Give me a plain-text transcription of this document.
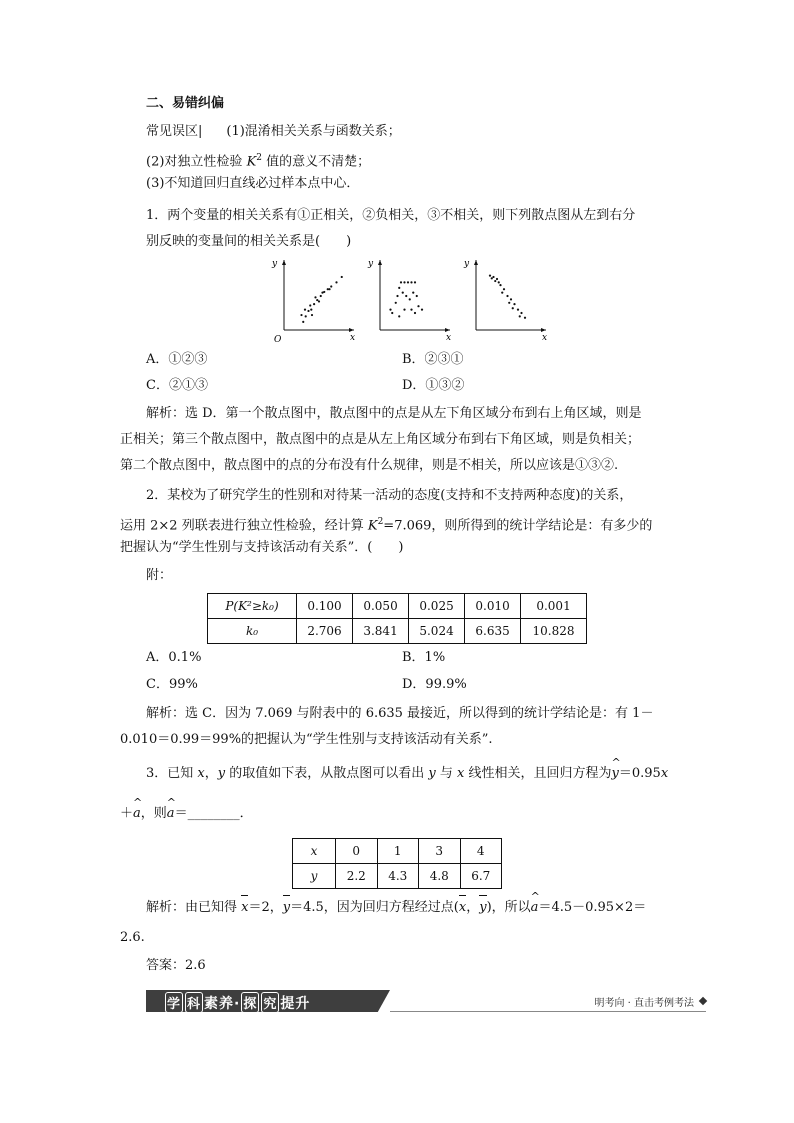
二、易错纠偏
常见误区| (1)混淆相关关系与函数关系；
(2)对独立性检验 $K^2$ 值的意义不清楚；
(3)不知道回归直线必过样本点中心．
1．两个变量的相关关系有①正相关，②负相关，③不相关，则下列散点图从左到右分
别反映的变量间的相关关系是(　　)
y
x
O
y
x
y
x
A．①②③	B．②③①
C．②①③	D．①③②
解析：选 D．第一个散点图中，散点图中的点是从左下角区域分布到右上角区域，则是
正相关；第三个散点图中，散点图中的点是从左上角区域分布到右下角区域，则是负相关；
第二个散点图中，散点图中的点的分布没有什么规律，则是不相关，所以应该是①③②.
2．某校为了研究学生的性别和对待某一活动的态度(支持和不支持两种态度)的关系，
运用 2×2 列联表进行独立性检验，经计算 $K^2=7.069$，则所得到的统计学结论是：有多少的
把握认为“学生性别与支持该活动有关系”．(　　)
附：
P(K²≥k₀)	0.100	0.050	0.025	0.010	0.001
k₀	2.706	3.841	5.024	6.635	10.828
A．0.1%	B．1%
C．99%	D．99.9%
解析：选 C．因为 7.069 与附表中的 6.635 最接近，所以得到的统计学结论是：有 1－
0.010＝0.99＝99%的把握认为“学生性别与支持该活动有关系”.
3．已知 x，y 的取值如下表，从散点图可以看出 y 与 x 线性相关，且回归方程为^ y＝0.95x
＋^ a，则^ a＝________．
x	0	1	3	4
y	2.2	4.3	4.8	6.7
解析：由已知得 x＝2，y＝4.5，因为回归方程经过点(x，y)，所以^ a＝4.5－0.95×2＝
2.6.
答案：2.6
学 科 素养· 探 究 提升	明考向 · 直击考例考法
